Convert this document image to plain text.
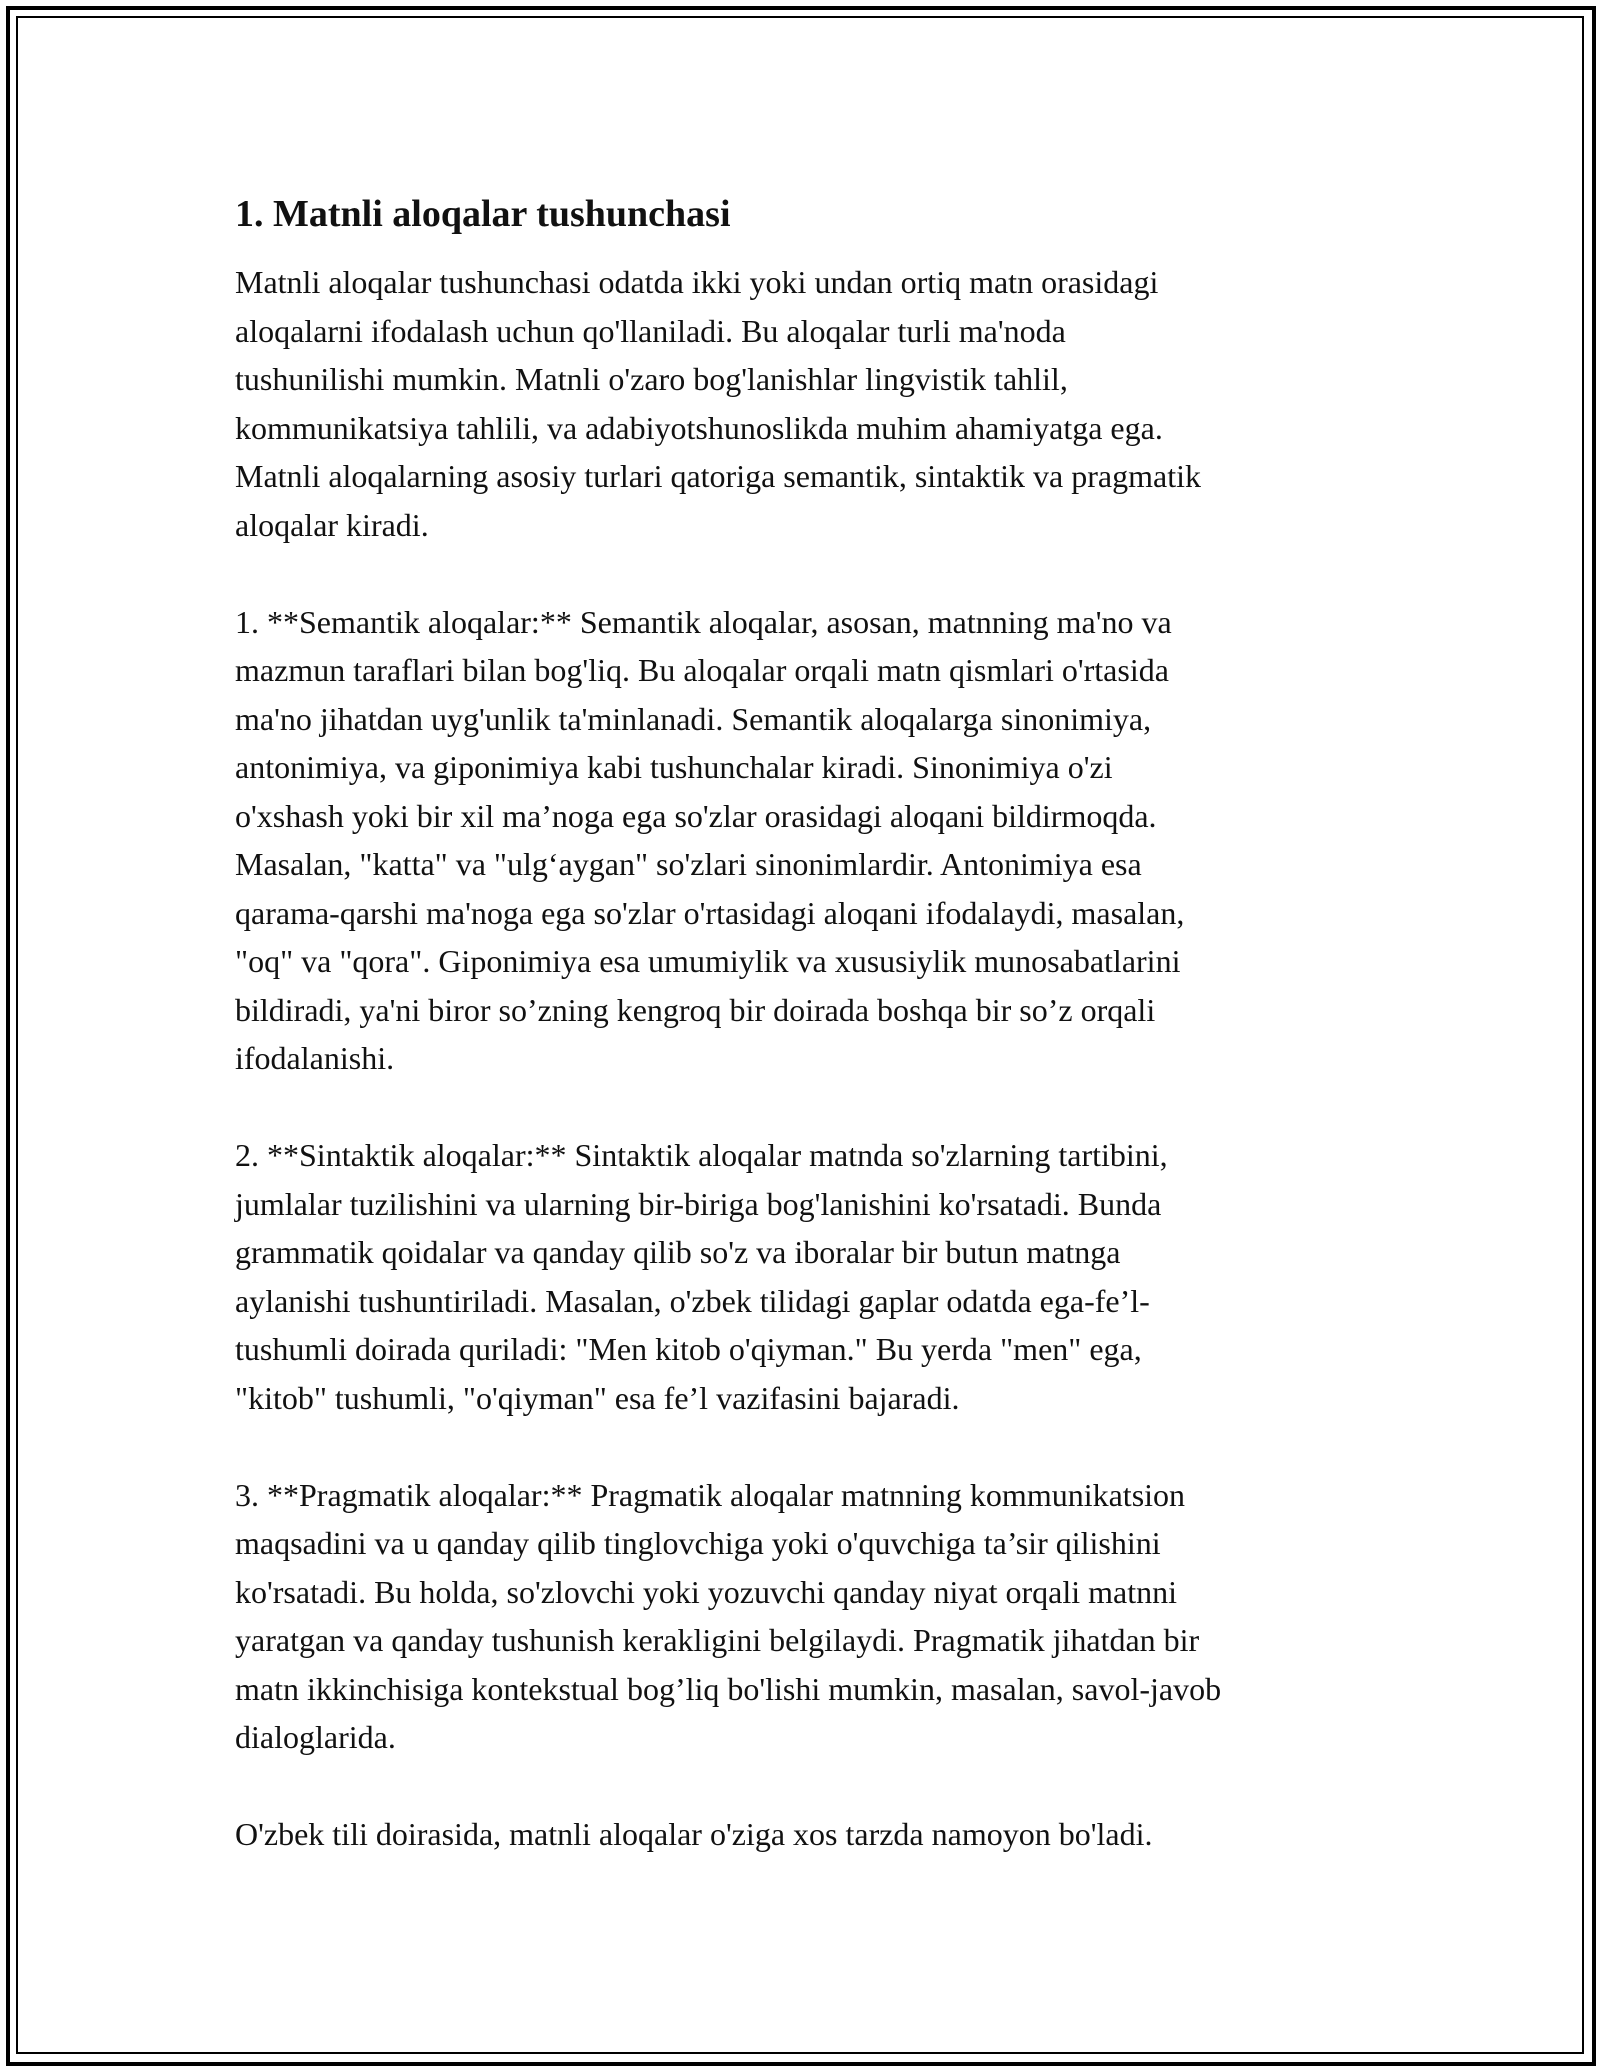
1. Matnli aloqalar tushunchasi
Matnli aloqalar tushunchasi odatda ikki yoki undan ortiq matn orasidagi
aloqalarni ifodalash uchun qo'llaniladi. Bu aloqalar turli ma'noda
tushunilishi mumkin. Matnli o'zaro bog'lanishlar lingvistik tahlil,
kommunikatsiya tahlili, va adabiyotshunoslikda muhim ahamiyatga ega.
Matnli aloqalarning asosiy turlari qatoriga semantik, sintaktik va pragmatik
aloqalar kiradi.
1. **Semantik aloqalar:** Semantik aloqalar, asosan, matnning ma'no va
mazmun taraflari bilan bog'liq. Bu aloqalar orqali matn qismlari o'rtasida
ma'no jihatdan uyg'unlik ta'minlanadi. Semantik aloqalarga sinonimiya,
antonimiya, va giponimiya kabi tushunchalar kiradi. Sinonimiya o'zi
o'xshash yoki bir xil ma’noga ega so'zlar orasidagi aloqani bildirmoqda.
Masalan, "katta" va "ulg‘aygan" so'zlari sinonimlardir. Antonimiya esa
qarama-qarshi ma'noga ega so'zlar o'rtasidagi aloqani ifodalaydi, masalan,
"oq" va "qora". Giponimiya esa umumiylik va xususiylik munosabatlarini
bildiradi, ya'ni biror so’zning kengroq bir doirada boshqa bir so’z orqali
ifodalanishi.
2. **Sintaktik aloqalar:** Sintaktik aloqalar matnda so'zlarning tartibini,
jumlalar tuzilishini va ularning bir-biriga bog'lanishini ko'rsatadi. Bunda
grammatik qoidalar va qanday qilib so'z va iboralar bir butun matnga
aylanishi tushuntiriladi. Masalan, o'zbek tilidagi gaplar odatda ega-fe’l-
tushumli doirada quriladi: "Men kitob o'qiyman." Bu yerda "men" ega,
"kitob" tushumli, "o'qiyman" esa fe’l vazifasini bajaradi.
3. **Pragmatik aloqalar:** Pragmatik aloqalar matnning kommunikatsion
maqsadini va u qanday qilib tinglovchiga yoki o'quvchiga ta’sir qilishini
ko'rsatadi. Bu holda, so'zlovchi yoki yozuvchi qanday niyat orqali matnni
yaratgan va qanday tushunish kerakligini belgilaydi. Pragmatik jihatdan bir
matn ikkinchisiga kontekstual bog’liq bo'lishi mumkin, masalan, savol-javob
dialoglarida.
O'zbek tili doirasida, matnli aloqalar o'ziga xos tarzda namoyon bo'ladi.
